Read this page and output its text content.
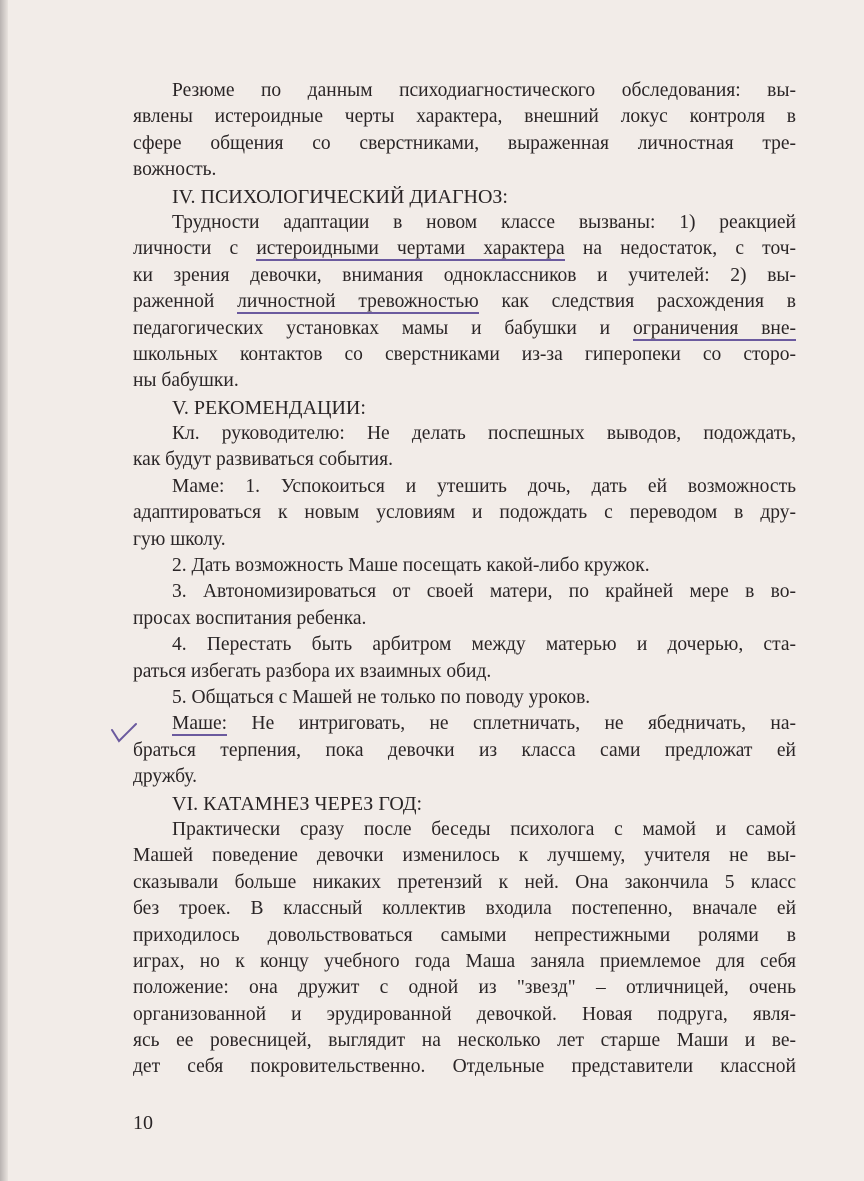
Резюме по данным психодиагностического обследования: вы-
явлены истероидные черты характера, внешний локус контроля в
сфере общения со сверстниками, выраженная личностная тре-
вожность.
IV. ПСИХОЛОГИЧЕСКИЙ ДИАГНОЗ:
Трудности адаптации в новом классе вызваны: 1) реакцией
личности с истероидными чертами характера на недостаток, с точ-
ки зрения девочки, внимания одноклассников и учителей: 2) вы-
раженной личностной тревожностью как следствия расхождения в
педагогических установках мамы и бабушки и ограничения вне-
школьных контактов со сверстниками из-за гиперопеки со сторо-
ны бабушки.
V. РЕКОМЕНДАЦИИ:
Кл. руководителю: Не делать поспешных выводов, подождать,
как будут развиваться события.
Маме: 1. Успокоиться и утешить дочь, дать ей возможность
адаптироваться к новым условиям и подождать с переводом в дру-
гую школу.
2. Дать возможность Маше посещать какой-либо кружок.
3. Автономизироваться от своей матери, по крайней мере в во-
просах воспитания ребенка.
4. Перестать быть арбитром между матерью и дочерью, ста-
раться избегать разбора их взаимных обид.
5. Общаться с Машей не только по поводу уроков.
Маше: Не интриговать, не сплетничать, не ябедничать, на-
браться терпения, пока девочки из класса сами предложат ей
дружбу.
VI. КАТАМНЕЗ ЧЕРЕЗ ГОД:
Практически сразу после беседы психолога с мамой и самой
Машей поведение девочки изменилось к лучшему, учителя не вы-
сказывали больше никаких претензий к ней. Она закончила 5 класс
без троек. В классный коллектив входила постепенно, вначале ей
приходилось довольствоваться самыми непрестижными ролями в
играх, но к концу учебного года Маша заняла приемлемое для себя
положение: она дружит с одной из "звезд" – отличницей, очень
организованной и эрудированной девочкой. Новая подруга, явля-
ясь ее ровесницей, выглядит на несколько лет старше Маши и ве-
дет себя покровительственно. Отдельные представители классной
10
